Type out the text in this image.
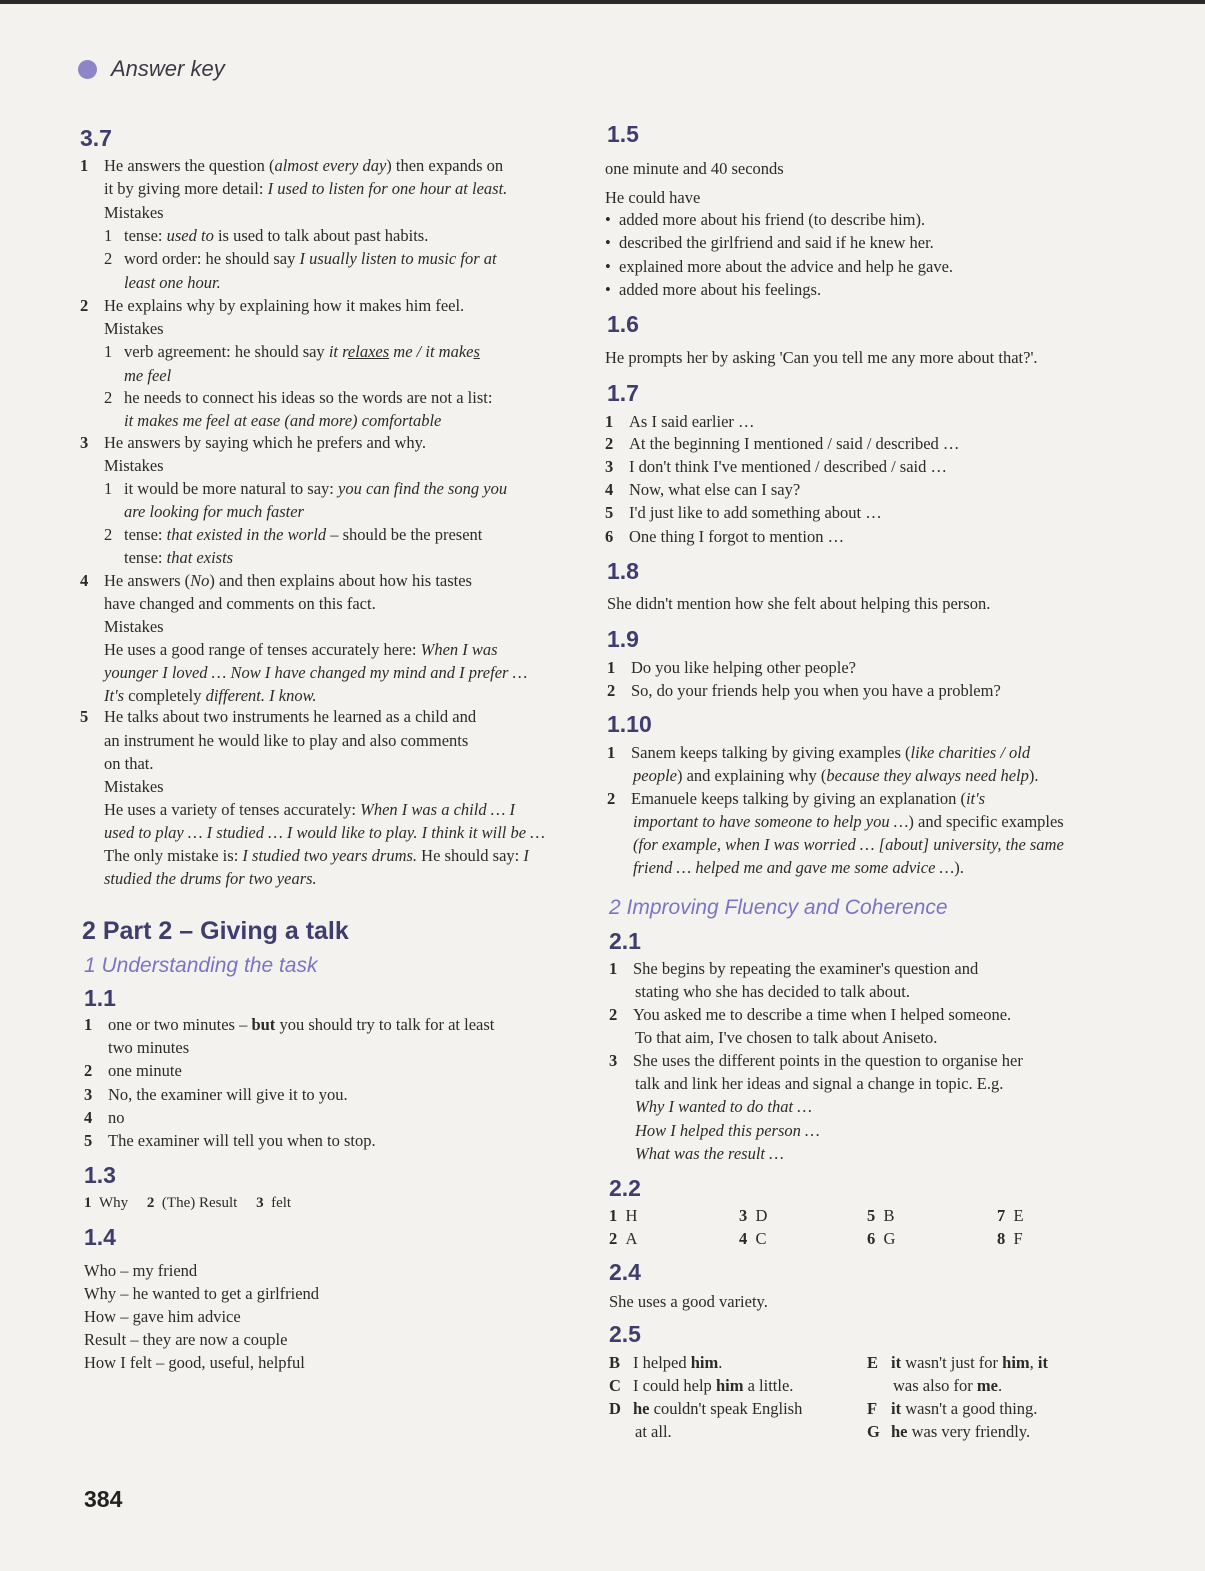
Answer key
3.7
1 He answers the question (almost every day) then expands on
it by giving more detail: I used to listen for one hour at least.
Mistakes
1 tense: used to is used to talk about past habits.
2 word order: he should say I usually listen to music for at
least one hour.
2 He explains why by explaining how it makes him feel.
Mistakes
1 verb agreement: he should say it relaxes me / it makes
me feel
2 he needs to connect his ideas so the words are not a list:
it makes me feel at ease (and more) comfortable
3 He answers by saying which he prefers and why.
Mistakes
1 it would be more natural to say: you can find the song you
are looking for much faster
2 tense: that existed in the world – should be the present
tense: that exists
4 He answers (No) and then explains about how his tastes
have changed and comments on this fact.
Mistakes
He uses a good range of tenses accurately here: When I was
younger I loved … Now I have changed my mind and I prefer …
It's completely different. I know.
5 He talks about two instruments he learned as a child and
an instrument he would like to play and also comments
on that.
Mistakes
He uses a variety of tenses accurately: When I was a child … I
used to play … I studied … I would like to play. I think it will be …
The only mistake is: I studied two years drums. He should say: I
studied the drums for two years.
2 Part 2 – Giving a talk
1 Understanding the task
1.1
1 one or two minutes – but you should try to talk for at least
two minutes
2 one minute
3 No, the examiner will give it to you.
4 no
5 The examiner will tell you when to stop.
1.3
1 Why 2 (The) Result 3 felt
1.4
Who – my friend
Why – he wanted to get a girlfriend
How – gave him advice
Result – they are now a couple
How I felt – good, useful, helpful
1.5
one minute and 40 seconds
He could have
•  added more about his friend (to describe him).
•  described the girlfriend and said if he knew her.
•  explained more about the advice and help he gave.
•  added more about his feelings.
1.6
He prompts her by asking 'Can you tell me any more about that?'.
1.7
1 As I said earlier …
2 At the beginning I mentioned / said / described …
3 I don't think I've mentioned / described / said …
4 Now, what else can I say?
5 I'd just like to add something about …
6 One thing I forgot to mention …
1.8
She didn't mention how she felt about helping this person.
1.9
1 Do you like helping other people?
2 So, do your friends help you when you have a problem?
1.10
1 Sanem keeps talking by giving examples (like charities / old
people) and explaining why (because they always need help).
2 Emanuele keeps talking by giving an explanation (it's
important to have someone to help you …) and specific examples
(for example, when I was worried … [about] university, the same
friend … helped me and gave me some advice …).
2 Improving Fluency and Coherence
2.1
1 She begins by repeating the examiner's question and
stating who she has decided to talk about.
2 You asked me to describe a time when I helped someone.
To that aim, I've chosen to talk about Aniseto.
3 She uses the different points in the question to organise her
talk and link her ideas and signal a change in topic. E.g.
Why I wanted to do that …
How I helped this person …
What was the result …
2.2
1 H	3 D	5 B	7 E
2 A	4 C	6 G	8 F
2.4
She uses a good variety.
2.5
B I helped him.
C I could help him a little.
D he couldn't speak English
at all.
E it wasn't just for him, it
was also for me.
F it wasn't a good thing.
G he was very friendly.
384
